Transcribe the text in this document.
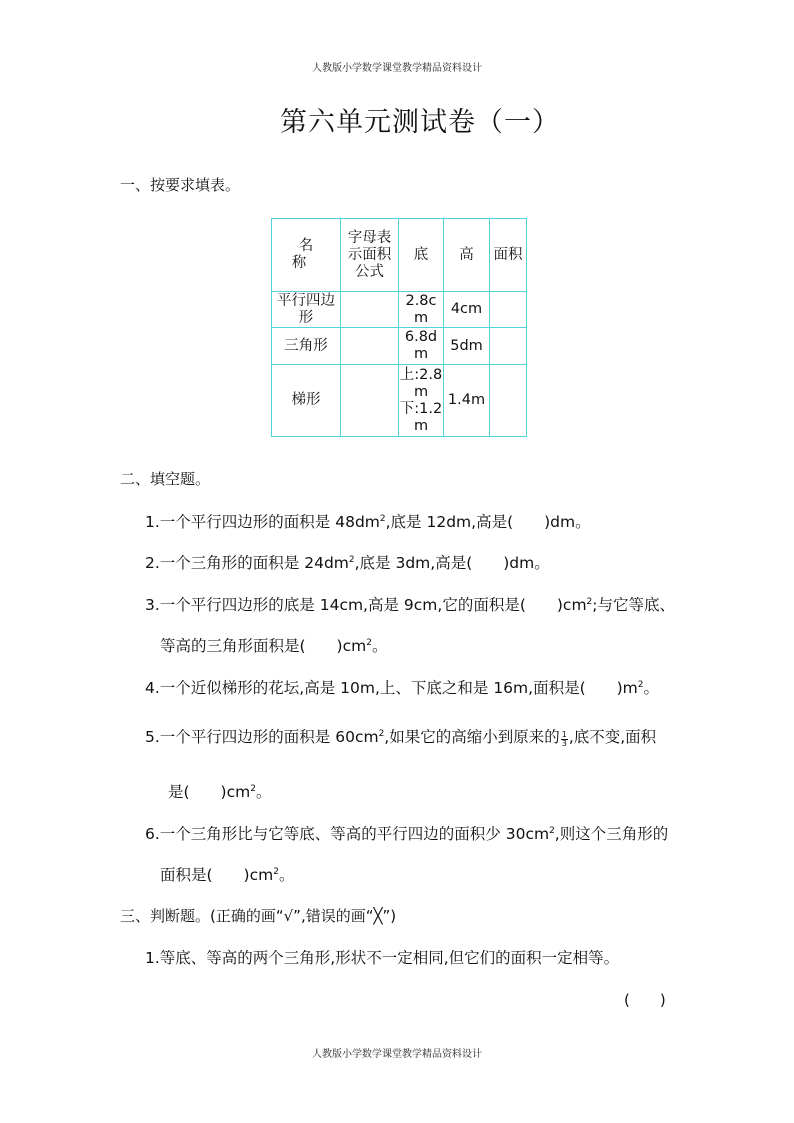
人教版小学数学课堂教学精品资料设计
第六单元测试卷（一）
一、按要求填表。
名 称	字母表示面积公式	底	高	面积
平行四边形		2.8cm	4cm	
三角形		6.8dm	5dm	
梯形		上:2.8m
下:1.2m	1.4m	
二、填空题。
1.一个平行四边形的面积是 $48dm^2$,底是 12dm,高是(　　)dm。
2.一个三角形的面积是 $24dm^2$,底是 3dm,高是(　　)dm。
3.一个平行四边形的底是 14cm,高是 9cm,它的面积是(　　)$cm^2$;与它等底、
等高的三角形面积是(　　)$cm^2$。
4.一个近似梯形的花坛,高是 10m,上、下底之和是 16m,面积是(　　)$m^2$。
5.一个平行四边形的面积是 $60cm^2$,如果它的高缩小到原来的 $\frac{1}{3}$ ,底不变,面积
是(　　)$cm^2$。
6.一个三角形比与它等底、等高的平行四边的面积少 $30cm^2$,则这个三角形的
面积是(　　)$cm^2$。
三、判断题。(正确的画“√”,错误的画“╳”)
1.等底、等高的两个三角形,形状不一定相同,但它们的面积一定相等。
(　　)
人教版小学数学课堂教学精品资料设计
